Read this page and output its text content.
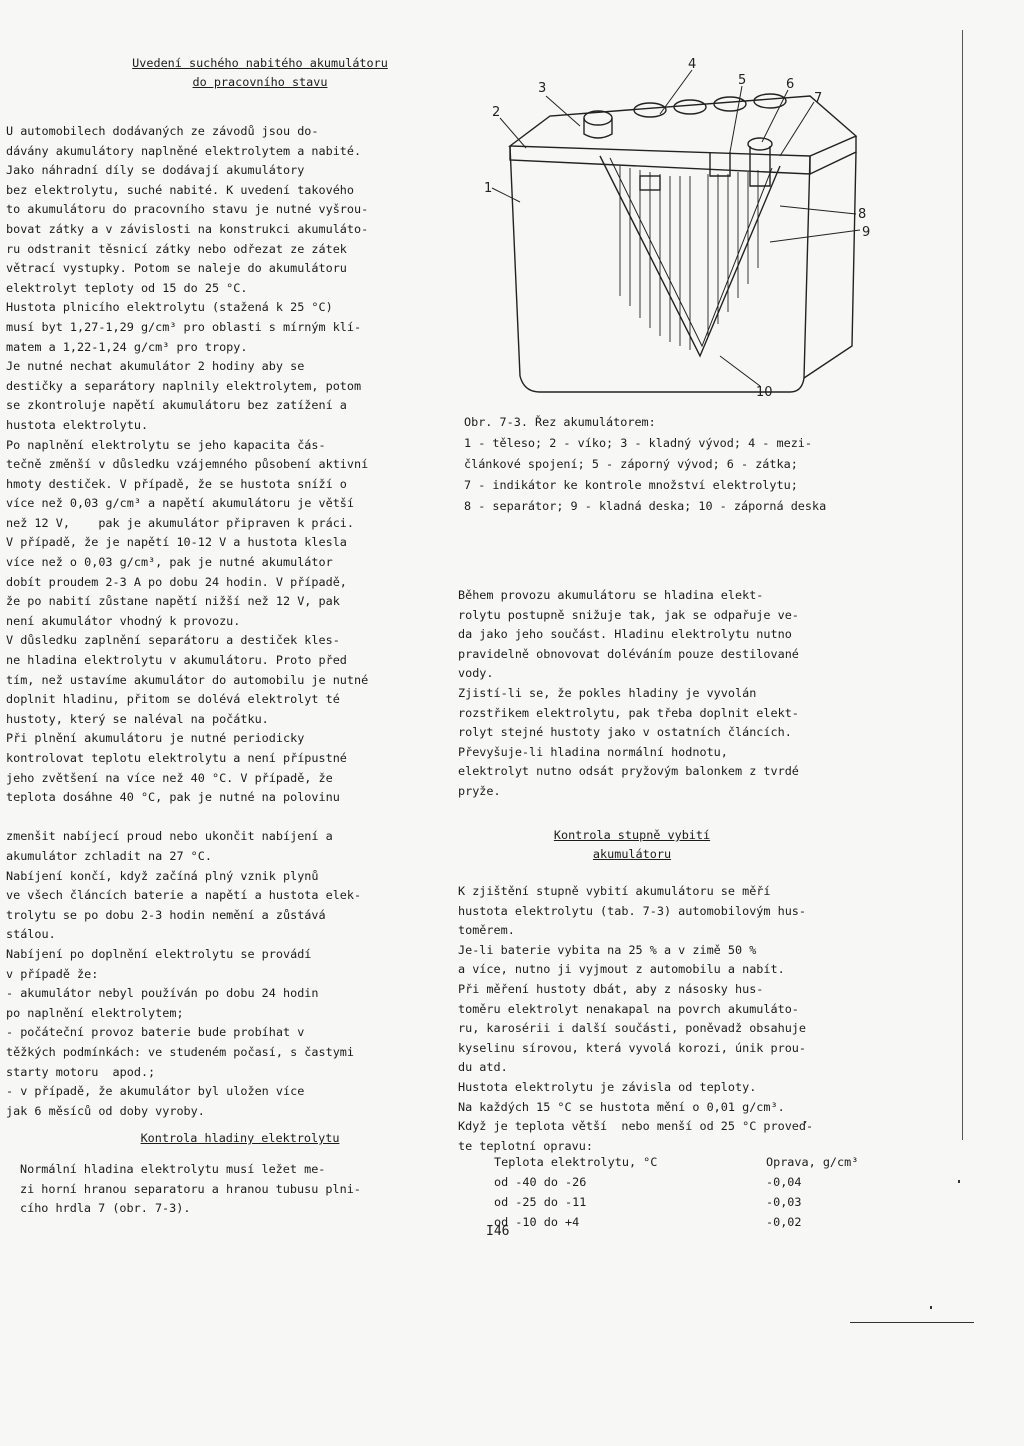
Uvedení suchého nabitého akumulátoru
do pracovního stavu

U automobilech dodávaných ze závodů jsou do-

dávány akumulátory naplněné elektrolytem a nabité.

Jako náhradní díly se dodávají akumulátory

bez elektrolytu, suché nabité. K uvedení takového

to akumulátoru do pracovního stavu je nutné vyšrou-

bovat zátky a v závislosti na konstrukci akumuláto-

ru odstranit těsnicí zátky nebo odřezat ze zátek

větrací vystupky. Potom se naleje do akumulátoru

elektrolyt teploty od 15 do 25 °C.

Hustota plnicího elektrolytu (stažená k 25 °C)

musí byt 1,27-1,29 g/cm³ pro oblasti s mírným klí-

matem a 1,22-1,24 g/cm³ pro tropy.

Je nutné nechat akumulátor 2 hodiny aby se

destičky a separátory naplnily elektrolytem, potom

se zkontroluje napětí akumulátoru bez zatížení a

hustota elektrolytu.

Po naplnění elektrolytu se jeho kapacita čás-

tečně změnší v důsledku vzájemného působení aktivní

hmoty destiček. V případě, že se hustota sníží o

více než 0,03 g/cm³ a napětí akumulátoru je větší

než 12 V,    pak je akumulátor připraven k práci.

V případě, že je napětí 10-12 V a hustota klesla

více než o 0,03 g/cm³, pak je nutné akumulátor

dobít proudem 2-3 A po dobu 24 hodin. V případě,

že po nabití zůstane napětí nižší než 12 V, pak

není akumulátor vhodný k provozu.

V důsledku zaplnění separátoru a destiček kles-

ne hladina elektrolytu v akumulátoru. Proto před

tím, než ustavíme akumulátor do automobilu je nutné

doplnit hladinu, přitom se dolévá elektrolyt té

hustoty, který se naléval na počátku.

Při plnění akumulátoru je nutné periodicky

kontrolovat teplotu elektrolytu a není přípustné

jeho zvětšení na více než 40 °C. V případě, že

teplota dosáhne 40 °C, pak je nutné na polovinu

zmenšit nabíjecí proud nebo ukončit nabíjení a

akumulátor zchladit na 27 °C.

Nabíjení končí, když začíná plný vznik plynů

ve všech článcích baterie a napětí a hustota elek-

trolytu se po dobu 2-3 hodin nemění a zůstává

stálou.

Nabíjení po doplnění elektrolytu se provádí

v případě že:

- akumulátor nebyl používán po dobu 24 hodin

po naplnění elektrolytem;

- počáteční provoz baterie bude probíhat v

těžkých podmínkách: ve studeném počasí, s častymi

starty motoru  apod.;

- v případě, že akumulátor byl uložen více

jak 6 měsíců od doby vyroby.

Kontrola hladiny elektrolytu

Normální hladina elektrolytu musí ležet me-

zi horní hranou separatoru a hranou tubusu plni-

cího hrdla 7 (obr. 7-3).

2
1
3
4
5	6
7
8
9
10

Obr. 7-3. Řez akumulátorem:

1 - těleso; 2 - víko; 3 - kladný vývod; 4 - mezi-

článkové spojení; 5 - záporný vývod; 6 - zátka;

7 - indikátor ke kontrole množství elektrolytu;

8 - separátor; 9 - kladná deska; 10 - záporná deska

Během provozu akumulátoru se hladina elekt-

rolytu postupně snižuje tak, jak se odpařuje ve-

da jako jeho součást. Hladinu elektrolytu nutno

pravidelně obnovovat doléváním pouze destilované

vody.

Zjistí-li se, že pokles hladiny je vyvolán

rozstřikem elektrolytu, pak třeba doplnit elekt-

rolyt stejné hustoty jako v ostatních článcích.

Převyšuje-li hladina normální hodnotu,

elektrolyt nutno odsát pryžovým balonkem z tvrdé

pryže.

Kontrola stupně vybití
akumulátoru

K zjištění stupně vybití akumulátoru se měří

hustota elektrolytu (tab. 7-3) automobilovým hus-

toměrem.

Je-li baterie vybita na 25 % a v zimě 50 %

a více, nutno ji vyjmout z automobilu a nabít.

Při měření hustoty dbát, aby z násosky hus-

toměru elektrolyt nenakapal na povrch akumuláto-

ru, karosérii i další součásti, poněvadž obsahuje

kyselinu sírovou, která vyvolá korozi, únik prou-

du atd.

Hustota elektrolytu je závisla od teploty.

Na každých 15 °C se hustota mění o 0,01 g/cm³.

Když je teplota větší  nebo menší od 25 °C proveď-

te teplotní opravu:

Teplota elektrolytu, °C	Oprava, g/cm³
od -40 do -26	-0,04
od -25 do -11	-0,03
od -10 do +4	-0,02
I46
